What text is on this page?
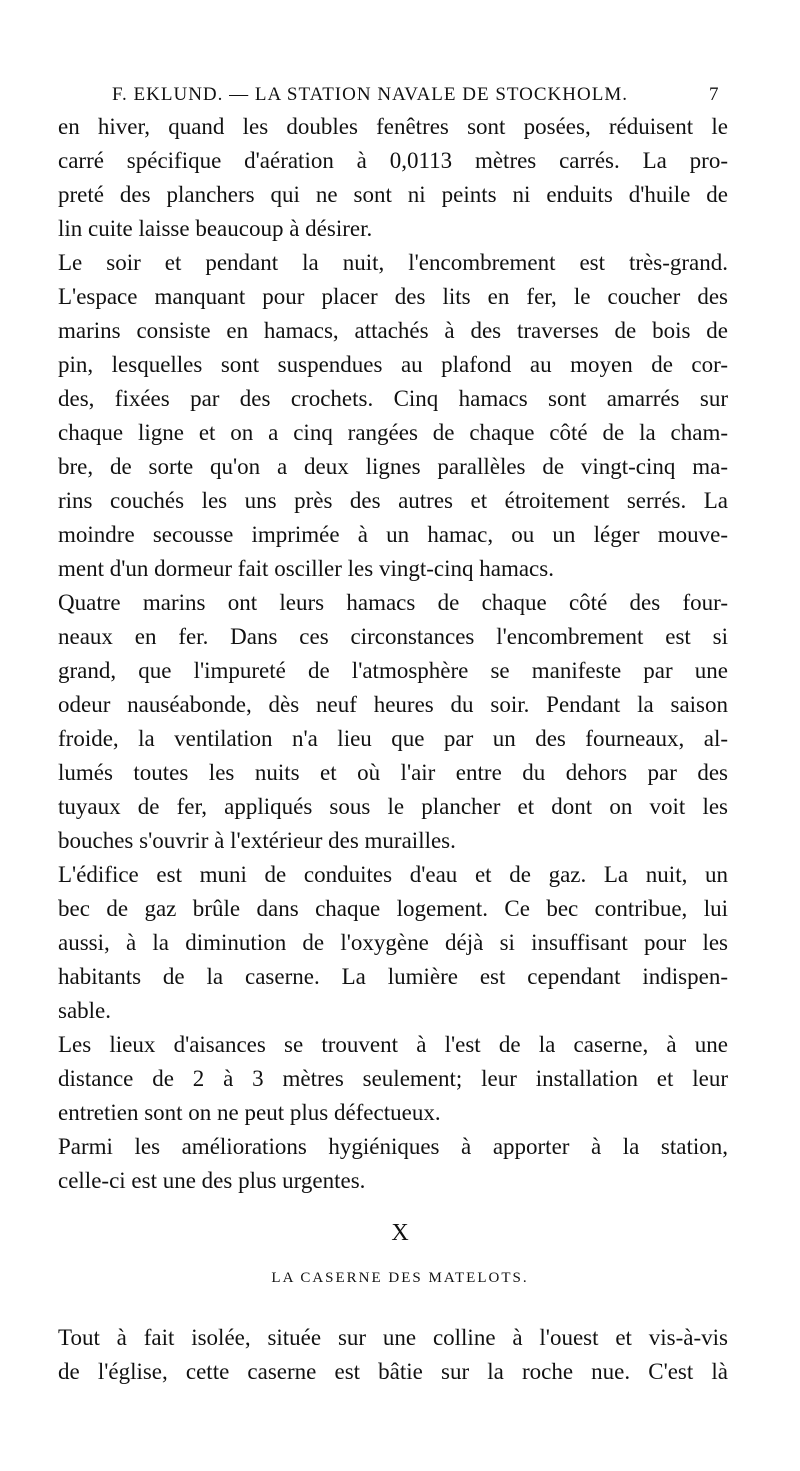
F. EKLUND. — LA STATION NAVALE DE STOCKHOLM.	7
en hiver, quand les doubles fenêtres sont posées, réduisent le
carré spécifique d'aération à 0,0113 mètres carrés. La pro-
preté des planchers qui ne sont ni peints ni enduits d'huile de
lin cuite laisse beaucoup à désirer.
Le soir et pendant la nuit, l'encombrement est très-grand.
L'espace manquant pour placer des lits en fer, le coucher des
marins consiste en hamacs, attachés à des traverses de bois de
pin, lesquelles sont suspendues au plafond au moyen de cor-
des, fixées par des crochets. Cinq hamacs sont amarrés sur
chaque ligne et on a cinq rangées de chaque côté de la cham-
bre, de sorte qu'on a deux lignes parallèles de vingt-cinq ma-
rins couchés les uns près des autres et étroitement serrés. La
moindre secousse imprimée à un hamac, ou un léger mouve-
ment d'un dormeur fait osciller les vingt-cinq hamacs.
Quatre marins ont leurs hamacs de chaque côté des four-
neaux en fer. Dans ces circonstances l'encombrement est si
grand, que l'impureté de l'atmosphère se manifeste par une
odeur nauséabonde, dès neuf heures du soir. Pendant la saison
froide, la ventilation n'a lieu que par un des fourneaux, al-
lumés toutes les nuits et où l'air entre du dehors par des
tuyaux de fer, appliqués sous le plancher et dont on voit les
bouches s'ouvrir à l'extérieur des murailles.
L'édifice est muni de conduites d'eau et de gaz. La nuit, un
bec de gaz brûle dans chaque logement. Ce bec contribue, lui
aussi, à la diminution de l'oxygène déjà si insuffisant pour les
habitants de la caserne. La lumière est cependant indispen-
sable.
Les lieux d'aisances se trouvent à l'est de la caserne, à une
distance de 2 à 3 mètres seulement; leur installation et leur
entretien sont on ne peut plus défectueux.
Parmi les améliorations hygiéniques à apporter à la station,
celle-ci est une des plus urgentes.
X
LA CASERNE DES MATELOTS.
Tout à fait isolée, située sur une colline à l'ouest et vis-à-vis
de l'église, cette caserne est bâtie sur la roche nue. C'est là
